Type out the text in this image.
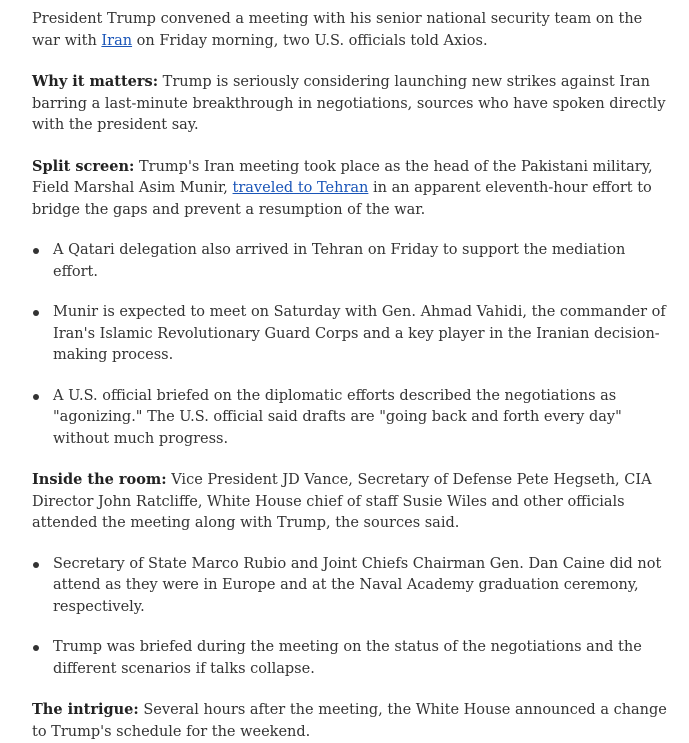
President Trump convened a meeting with his senior national security team on the war with Iran on Friday morning, two U.S. officials told Axios.

Why it matters: Trump is seriously considering launching new strikes against Iran barring a last-minute breakthrough in negotiations, sources who have spoken directly with the president say.

Split screen: Trump's Iran meeting took place as the head of the Pakistani military, Field Marshal Asim Munir, traveled to Tehran in an apparent eleventh-hour effort to bridge the gaps and prevent a resumption of the war.

A Qatari delegation also arrived in Tehran on Friday to support the mediation effort.
Munir is expected to meet on Saturday with Gen. Ahmad Vahidi, the commander of Iran's Islamic Revolutionary Guard Corps and a key player in the Iranian decision-making process.
A U.S. official briefed on the diplomatic efforts described the negotiations as "agonizing." The U.S. official said drafts are "going back and forth every day" without much progress.

Inside the room: Vice President JD Vance, Secretary of Defense Pete Hegseth, CIA Director John Ratcliffe, White House chief of staff Susie Wiles and other officials attended the meeting along with Trump, the sources said.

Secretary of State Marco Rubio and Joint Chiefs Chairman Gen. Dan Caine did not attend as they were in Europe and at the Naval Academy graduation ceremony, respectively.
Trump was briefed during the meeting on the status of the negotiations and the different scenarios if talks collapse.

The intrigue: Several hours after the meeting, the White House announced a change to Trump's schedule for the weekend.
